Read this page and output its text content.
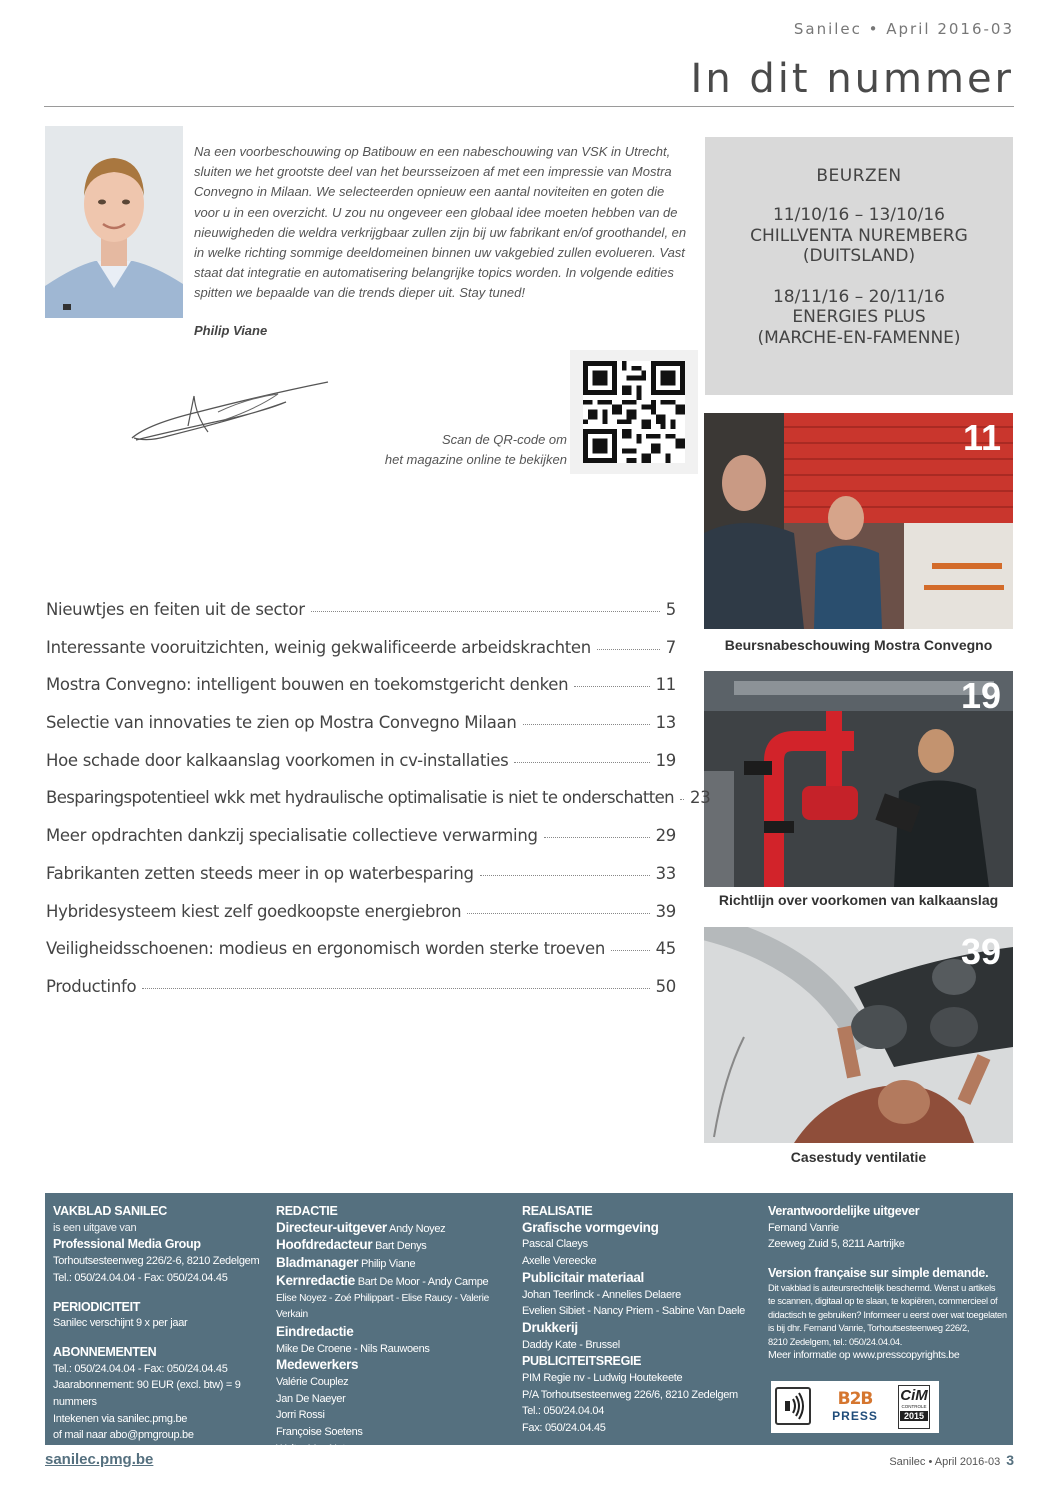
Sanilec • April 2016-03
In dit nummer

Na een voorbeschouwing op Batibouw en een nabeschouwing van VSK in Utrecht, sluiten we het grootste deel van het beursseizoen af met een impressie van Mostra Convegno in Milaan. We selecteerden opnieuw een aantal noviteiten en goten die voor u in een overzicht. U zou nu ongeveer een globaal idee moeten hebben van de nieuwigheden die weldra verkrijgbaar zullen zijn bij uw fabrikant en/of groothandel, en in welke richting sommige deeldomeinen binnen uw vakgebied zullen evolueren. Vast staat dat integratie en automatisering belangrijke topics worden. In volgende edities spitten we bepaalde van die trends dieper uit. Stay tuned!

Philip Viane
Scan de QR-code om
het magazine online te bekijken
BEURZEN
11/10/16 – 13/10/16
CHILLVENTA NUREMBERG
(DUITSLAND)
18/11/16 – 20/11/16
ENERGIES PLUS
(MARCHE-EN-FAMENNE)
11
Beursnabeschouwing Mostra Convegno
19
Richtlijn over voorkomen van kalkaanslag
39
Casestudy ventilatie
Nieuwtjes en feiten uit de sector	5
Interessante vooruitzichten, weinig gekwalificeerde arbeidskrachten	7
Mostra Convegno: intelligent bouwen en toekomstgericht denken	11
Selectie van innovaties te zien op Mostra Convegno Milaan	13
Hoe schade door kalkaanslag voorkomen in cv-installaties	19
Besparingspotentieel wkk met hydraulische optimalisatie is niet te onderschatten 23
Meer opdrachten dankzij specialisatie collectieve verwarming	29
Fabrikanten zetten steeds meer in op waterbesparing	33
Hybridesysteem kiest zelf goedkoopste energiebron	39
Veiligheidsschoenen: modieus en ergonomisch worden sterke troeven	45
Productinfo	50
VAKBLAD SANILEC
is een uitgave van
Professional Media Group
Torhoutsesteenweg 226/2-6, 8210 Zedelgem
Tel.: 050/24.04.04 - Fax: 050/24.04.45
PERIODICITEIT
Sanilec verschijnt 9 x per jaar
ABONNEMENTEN
Tel.: 050/24.04.04 - Fax: 050/24.04.45
Jaarabonnement: 90 EUR (excl. btw) = 9 nummers
Intekenen via sanilec.pmg.be
of mail naar abo@pmgroup.be
REDACTIE
Directeur-uitgever Andy Noyez
Hoofdredacteur Bart Denys
Bladmanager Philip Viane
Kernredactie Bart De Moor - Andy Campe
Elise Noyez - Zoé Philippart - Elise Raucy - Valerie Verkain
Eindredactie
Mike De Croene - Nils Rauwoens
Medewerkers
Valérie Couplez
Jan De Naeyer
Jorri Rossi
Françoise Soetens
Walter Van Noten
REALISATIE
Grafische vormgeving
Pascal Claeys
Axelle Vereecke
Publicitair materiaal
Johan Teerlinck - Annelies Delaere
Evelien Sibiet - Nancy Priem - Sabine Van Daele
Drukkerij
Daddy Kate - Brussel
PUBLICITEITSREGIE
PIM Regie nv - Ludwig Houtekeete
P/A Torhoutsesteenweg 226/6, 8210 Zedelgem
Tel.: 050/24.04.04
Fax: 050/24.04.45
Verantwoordelijke uitgever
Fernand Vanrie
Zeeweg Zuid 5, 8211 Aartrijke
Version française sur simple demande.
Dit vakblad is auteursrechtelijk beschermd. Wenst u artikels
te scannen, digitaal op te slaan, te kopiëren, commercieel of
didactisch te gebruiken? Informeer u eerst over wat toegelaten
is bij dhr. Fernand Vanrie, Torhoutsesteenweg 226/2,
8210 Zedelgem, tel.: 050/24.04.04.
Meer informatie op www.presscopyrights.be
B2B
PRESS
CiM
CONTROLE
2015
sanilec.pmg.be	Sanilec • April 2016-03 3
